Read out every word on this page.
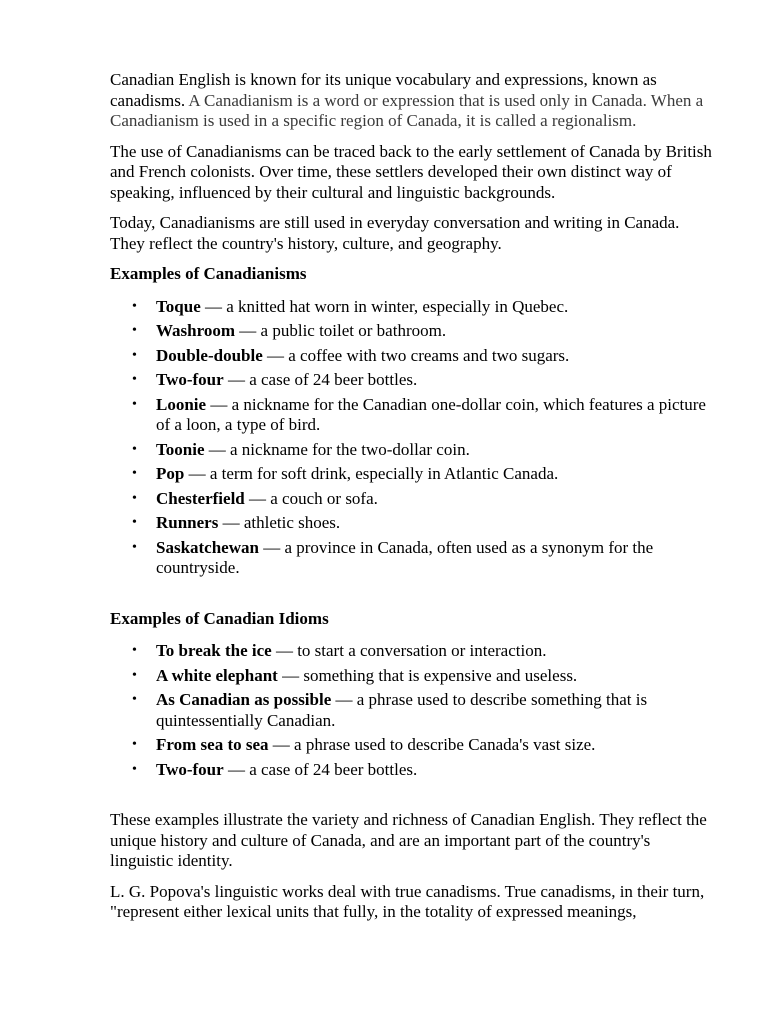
Canadian English is known for its unique vocabulary and expressions, known as canadisms. A Canadianism is a word or expression that is used only in Canada. When a Canadianism is used in a specific region of Canada, it is called a regionalism.

The use of Canadianisms can be traced back to the early settlement of Canada by British and French colonists. Over time, these settlers developed their own distinct way of speaking, influenced by their cultural and linguistic backgrounds.

Today, Canadianisms are still used in everyday conversation and writing in Canada. They reflect the country's history, culture, and geography.

Examples of Canadianisms
• Toque — a knitted hat worn in winter, especially in Quebec.
• Washroom — a public toilet or bathroom.
• Double-double — a coffee with two creams and two sugars.
• Two-four — a case of 24 beer bottles.
• Loonie — a nickname for the Canadian one-dollar coin, which features a picture of a loon, a type of bird.
• Toonie — a nickname for the two-dollar coin.
• Pop — a term for soft drink, especially in Atlantic Canada.
• Chesterfield — a couch or sofa.
• Runners — athletic shoes.
• Saskatchewan — a province in Canada, often used as a synonym for the countryside.
Examples of Canadian Idioms
• To break the ice — to start a conversation or interaction.
• A white elephant — something that is expensive and useless.
• As Canadian as possible — a phrase used to describe something that is quintessentially Canadian.
• From sea to sea — a phrase used to describe Canada's vast size.
• Two-four — a case of 24 beer bottles.

These examples illustrate the variety and richness of Canadian English. They reflect the unique history and culture of Canada, and are an important part of the country's linguistic identity.

L. G. Popova's linguistic works deal with true canadisms. True canadisms, in their turn, "represent either lexical units that fully, in the totality of expressed meanings,
